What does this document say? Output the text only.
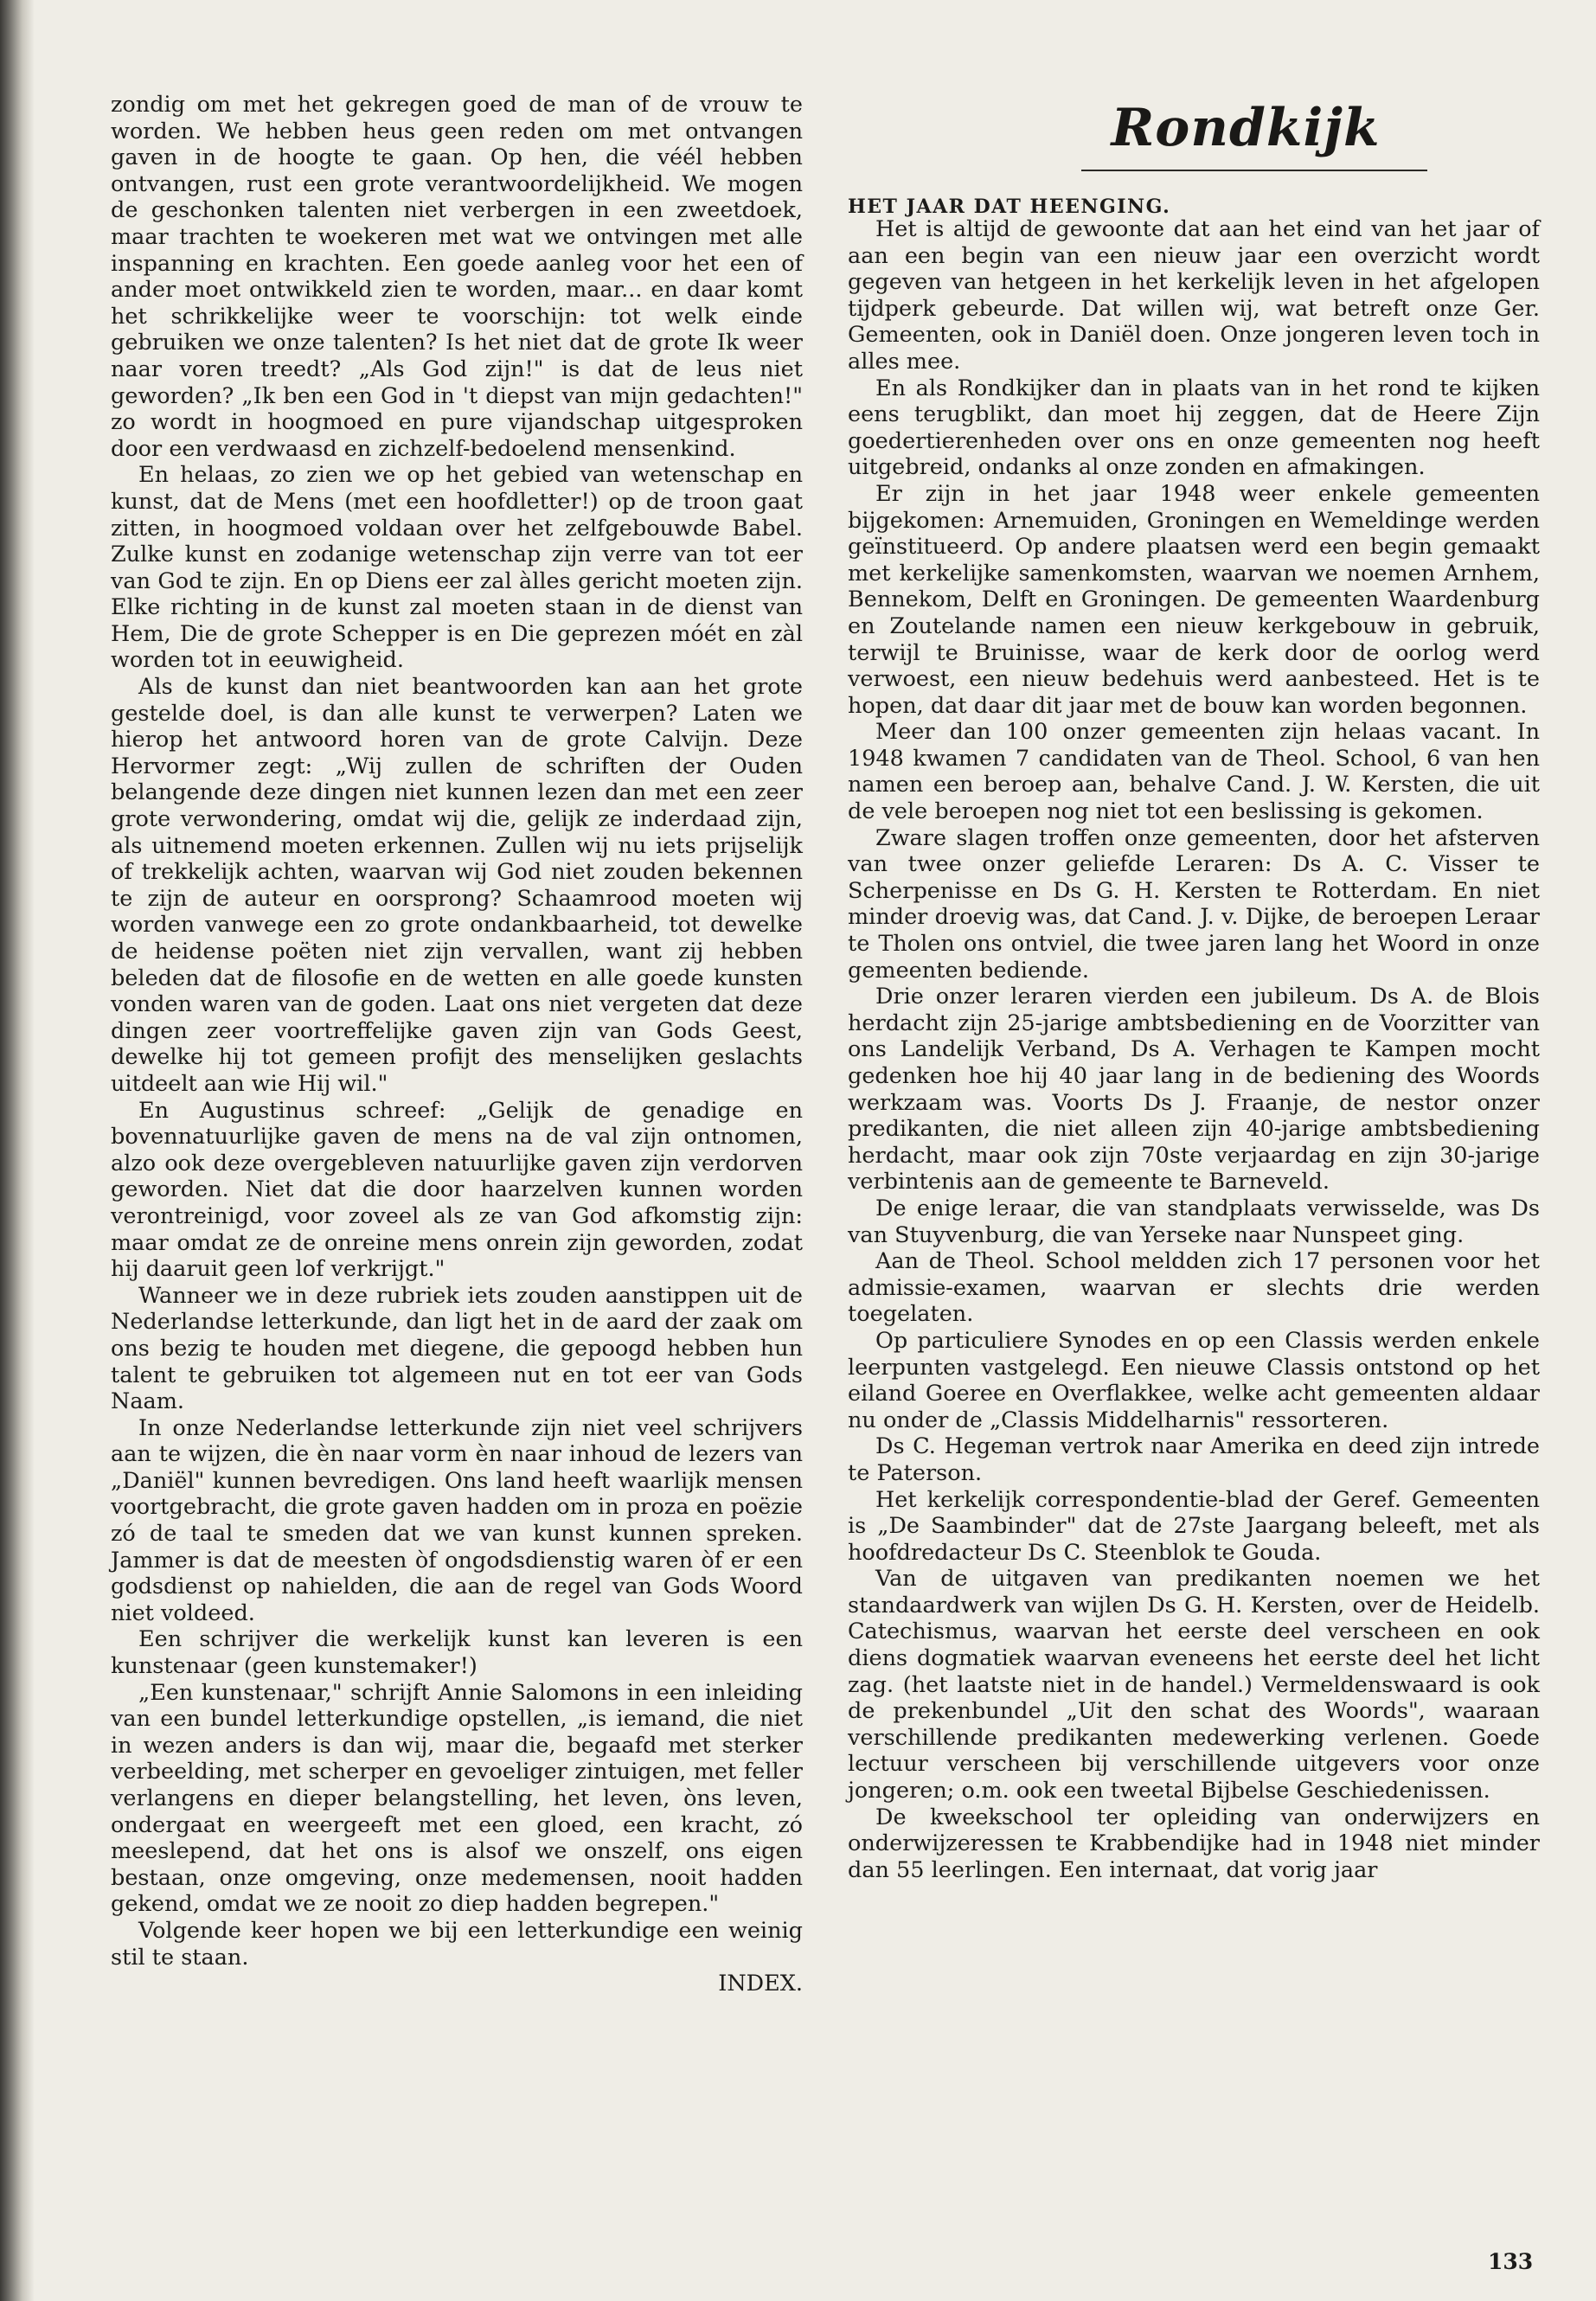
zondig om met het gekregen goed de man of de vrouw te worden. We hebben heus geen reden om met ontvangen gaven in de hoogte te gaan. Op hen, die véél hebben ontvangen, rust een grote verantwoordelijkheid. We mogen de geschonken talenten niet verbergen in een zweetdoek, maar trachten te woekeren met wat we ontvingen met alle inspanning en krachten. Een goede aanleg voor het een of ander moet ontwikkeld zien te worden, maar... en daar komt het schrikkelijke weer te voorschijn: tot welk einde gebruiken we onze talenten? Is het niet dat de grote Ik weer naar voren treedt? „Als God zijn!" is dat de leus niet geworden? „Ik ben een God in 't diepst van mijn gedachten!" zo wordt in hoogmoed en pure vijandschap uitgesproken door een verdwaasd en zichzelf-bedoelend mensenkind.

En helaas, zo zien we op het gebied van wetenschap en kunst, dat de Mens (met een hoofdletter!) op de troon gaat zitten, in hoogmoed voldaan over het zelfgebouwde Babel. Zulke kunst en zodanige wetenschap zijn verre van tot eer van God te zijn. En op Diens eer zal àlles gericht moeten zijn. Elke richting in de kunst zal moeten staan in de dienst van Hem, Die de grote Schepper is en Die geprezen móét en zàl worden tot in eeuwigheid.

Als de kunst dan niet beantwoorden kan aan het grote gestelde doel, is dan alle kunst te verwerpen? Laten we hierop het antwoord horen van de grote Calvijn. Deze Hervormer zegt: „Wij zullen de schriften der Ouden belangende deze dingen niet kunnen lezen dan met een zeer grote verwondering, omdat wij die, gelijk ze inderdaad zijn, als uitnemend moeten erkennen. Zullen wij nu iets prijselijk of trekkelijk achten, waarvan wij God niet zouden bekennen te zijn de auteur en oorsprong? Schaamrood moeten wij worden vanwege een zo grote ondankbaarheid, tot dewelke de heidense poëten niet zijn vervallen, want zij hebben beleden dat de filosofie en de wetten en alle goede kunsten vonden waren van de goden. Laat ons niet vergeten dat deze dingen zeer voortreffelijke gaven zijn van Gods Geest, dewelke hij tot gemeen profijt des menselijken geslachts uitdeelt aan wie Hij wil."

En Augustinus schreef: „Gelijk de genadige en bovennatuurlijke gaven de mens na de val zijn ontnomen, alzo ook deze overgebleven natuurlijke gaven zijn verdorven geworden. Niet dat die door haarzelven kunnen worden verontreinigd, voor zoveel als ze van God afkomstig zijn: maar omdat ze de onreine mens onrein zijn geworden, zodat hij daaruit geen lof verkrijgt."

Wanneer we in deze rubriek iets zouden aanstippen uit de Nederlandse letterkunde, dan ligt het in de aard der zaak om ons bezig te houden met diegene, die gepoogd hebben hun talent te gebruiken tot algemeen nut en tot eer van Gods Naam.

In onze Nederlandse letterkunde zijn niet veel schrijvers aan te wijzen, die èn naar vorm èn naar inhoud de lezers van „Daniël" kunnen bevredigen. Ons land heeft waarlijk mensen voortgebracht, die grote gaven hadden om in proza en poëzie zó de taal te smeden dat we van kunst kunnen spreken. Jammer is dat de meesten òf ongodsdienstig waren òf er een godsdienst op nahielden, die aan de regel van Gods Woord niet voldeed.

Een schrijver die werkelijk kunst kan leveren is een kunstenaar (geen kunstemaker!)

„Een kunstenaar," schrijft Annie Salomons in een inleiding van een bundel letterkundige opstellen, „is iemand, die niet in wezen anders is dan wij, maar die, begaafd met sterker verbeelding, met scherper en gevoeliger zintuigen, met feller verlangens en dieper belangstelling, het leven, òns leven, ondergaat en weergeeft met een gloed, een kracht, zó meeslepend, dat het ons is alsof we onszelf, ons eigen bestaan, onze omgeving, onze medemensen, nooit hadden gekend, omdat we ze nooit zo diep hadden begrepen."

Volgende keer hopen we bij een letterkundige een weinig stil te staan.

INDEX.

Rondkijk
HET JAAR DAT HEENGING.

Het is altijd de gewoonte dat aan het eind van het jaar of aan een begin van een nieuw jaar een overzicht wordt gegeven van hetgeen in het kerkelijk leven in het afgelopen tijdperk gebeurde. Dat willen wij, wat betreft onze Ger. Gemeenten, ook in Daniël doen. Onze jongeren leven toch in alles mee.

En als Rondkijker dan in plaats van in het rond te kijken eens terugblikt, dan moet hij zeggen, dat de Heere Zijn goedertierenheden over ons en onze gemeenten nog heeft uitgebreid, ondanks al onze zonden en afmakingen.

Er zijn in het jaar 1948 weer enkele gemeenten bijgekomen: Arnemuiden, Groningen en Wemeldinge werden geïnstitueerd. Op andere plaatsen werd een begin gemaakt met kerkelijke samenkomsten, waarvan we noemen Arnhem, Bennekom, Delft en Groningen. De gemeenten Waardenburg en Zoutelande namen een nieuw kerkgebouw in gebruik, terwijl te Bruinisse, waar de kerk door de oorlog werd verwoest, een nieuw bedehuis werd aanbesteed. Het is te hopen, dat daar dit jaar met de bouw kan worden begonnen.

Meer dan 100 onzer gemeenten zijn helaas vacant. In 1948 kwamen 7 candidaten van de Theol. School, 6 van hen namen een beroep aan, behalve Cand. J. W. Kersten, die uit de vele beroepen nog niet tot een beslissing is gekomen.

Zware slagen troffen onze gemeenten, door het afsterven van twee onzer geliefde Leraren: Ds A. C. Visser te Scherpenisse en Ds G. H. Kersten te Rotterdam. En niet minder droevig was, dat Cand. J. v. Dijke, de beroepen Leraar te Tholen ons ontviel, die twee jaren lang het Woord in onze gemeenten bediende.

Drie onzer leraren vierden een jubileum. Ds A. de Blois herdacht zijn 25-jarige ambtsbediening en de Voorzitter van ons Landelijk Verband, Ds A. Verhagen te Kampen mocht gedenken hoe hij 40 jaar lang in de bediening des Woords werkzaam was. Voorts Ds J. Fraanje, de nestor onzer predikanten, die niet alleen zijn 40-jarige ambtsbediening herdacht, maar ook zijn 70ste verjaardag en zijn 30-jarige verbintenis aan de gemeente te Barneveld.

De enige leraar, die van standplaats verwisselde, was Ds van Stuyvenburg, die van Yerseke naar Nunspeet ging.

Aan de Theol. School meldden zich 17 personen voor het admissie-examen, waarvan er slechts drie werden toegelaten.

Op particuliere Synodes en op een Classis werden enkele leerpunten vastgelegd. Een nieuwe Classis ontstond op het eiland Goeree en Overflakkee, welke acht gemeenten aldaar nu onder de „Classis Middelharnis" ressorteren.

Ds C. Hegeman vertrok naar Amerika en deed zijn intrede te Paterson.

Het kerkelijk correspondentie-blad der Geref. Gemeenten is „De Saambinder" dat de 27ste Jaargang beleeft, met als hoofdredacteur Ds C. Steenblok te Gouda.

Van de uitgaven van predikanten noemen we het standaardwerk van wijlen Ds G. H. Kersten, over de Heidelb. Catechismus, waarvan het eerste deel verscheen en ook diens dogmatiek waarvan eveneens het eerste deel het licht zag. (het laatste niet in de handel.) Vermeldenswaard is ook de prekenbundel „Uit den schat des Woords", waaraan verschillende predikanten medewerking verlenen. Goede lectuur verscheen bij verschillende uitgevers voor onze jongeren; o.m. ook een tweetal Bijbelse Geschiedenissen.

De kweekschool ter opleiding van onderwijzers en onderwijzeressen te Krabbendijke had in 1948 niet minder dan 55 leerlingen. Een internaat, dat vorig jaar

133
